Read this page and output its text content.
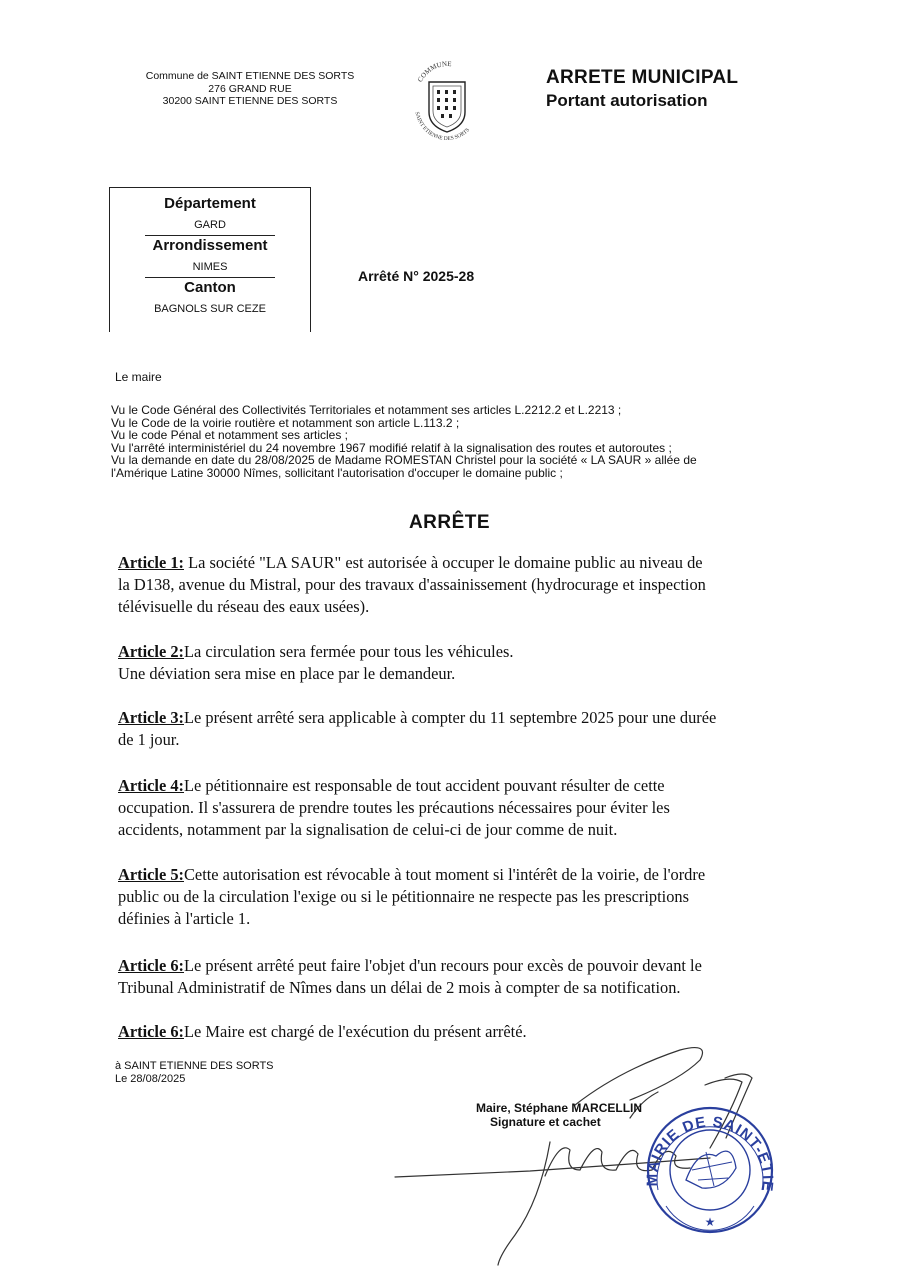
Commune de SAINT ETIENNE DES SORTS
276 GRAND RUE
30200 SAINT ETIENNE DES SORTS
COMMUNE
SAINT ETIENNE DES SORTS
ARRETE MUNICIPAL
Portant autorisation
Département
GARD
Arrondissement
NIMES
Canton
BAGNOLS SUR CEZE
Arrêté N° 2025-28
Le maire
Vu le Code Général des Collectivités Territoriales et notamment ses articles L.2212.2 et L.2213 ;
Vu le Code de la voirie routière et notamment son article L.113.2 ;
Vu le code Pénal et notamment ses articles ;
Vu l'arrêté interministériel du 24 novembre 1967 modifié relatif à la signalisation des routes et autoroutes ;
Vu la demande en date du 28/08/2025 de Madame ROMESTAN Christel pour la société « LA SAUR » allée de
l'Amérique Latine 30000 Nîmes, sollicitant l'autorisation d'occuper le domaine public ;
ARRÊTE

Article 1: La société "LA SAUR" est autorisée à occuper le domaine public au niveau de

la D138, avenue du Mistral, pour des travaux d'assainissement (hydrocurage et inspection

télévisuelle du réseau des eaux usées).

Article 2:La circulation sera fermée pour tous les véhicules.

Une déviation sera mise en place par le demandeur.

Article 3:Le présent arrêté sera applicable à compter du 11 septembre 2025 pour une durée

de 1 jour.

Article 4:Le pétitionnaire est responsable de tout accident pouvant résulter de cette

occupation. Il s'assurera de prendre toutes les précautions nécessaires pour éviter les

accidents, notamment par la signalisation de celui-ci de jour comme de nuit.

Article 5:Cette autorisation est révocable à tout moment si l'intérêt de la voirie, de l'ordre

public ou de la circulation l'exige ou si le pétitionnaire ne respecte pas les prescriptions

définies à l'article 1.

Article 6:Le présent arrêté peut faire l'objet d'un recours pour excès de pouvoir devant le

Tribunal Administratif de Nîmes dans un délai de 2 mois à compter de sa notification.

Article 6:Le Maire est chargé de l'exécution du présent arrêté.

à SAINT ETIENNE DES SORTS
Le 28/08/2025
MAIRIE DE SAINT-ETIE
★
Maire, Stéphane MARCELLIN
Signature et cachet
